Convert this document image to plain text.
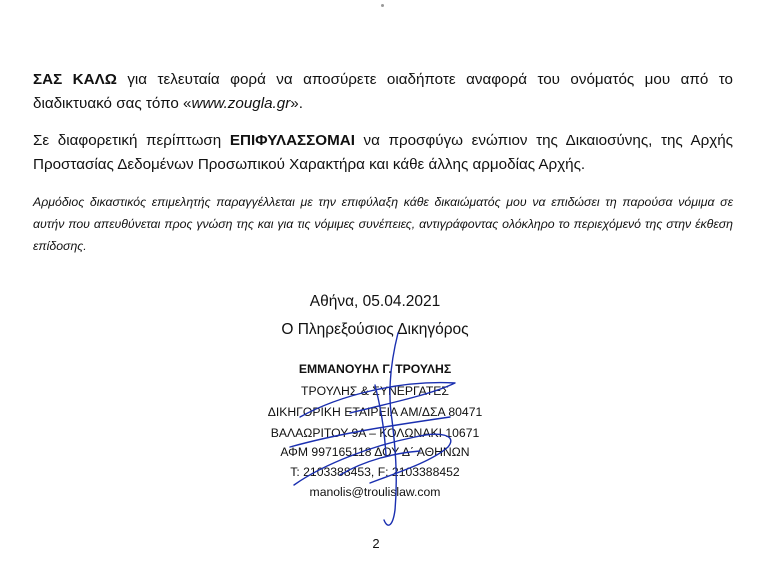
ΣΑΣ ΚΑΛΩ για τελευταία φορά να αποσύρετε οιαδήποτε αναφορά του ονόματός μου από το διαδικτυακό σας τόπο «www.zougla.gr».
Σε διαφορετική περίπτωση ΕΠΙΦΥΛΑΣΣΟΜΑΙ να προσφύγω ενώπιον της Δικαιοσύνης, της Αρχής Προστασίας Δεδομένων Προσωπικού Χαρακτήρα και κάθε άλλης αρμοδίας Αρχής.
Αρμόδιος δικαστικός επιμελητής παραγγέλλεται με την επιφύλαξη κάθε δικαιώματός μου να επιδώσει τη παρούσα νόμιμα σε αυτήν που απευθύνεται προς γνώση της και για τις νόμιμες συνέπειες, αντιγράφοντας ολόκληρο το περιεχόμενό της στην έκθεση επίδοσης.
Αθήνα, 05.04.2021
Ο Πληρεξούσιος Δικηγόρος
ΕΜΜΑΝΟΥΗΛ Γ. ΤΡΟΥΛΗΣ
ΤΡΟΥΛΗΣ & ΣΥΝΕΡΓΑΤΕΣ
ΔΙΚΗΓΟΡΙΚΗ ΕΤΑΙΡΕΙΑ ΑΜ/ΔΣΑ 80471
ΒΑΛΑΩΡΙΤΟΥ 9Α – ΚΟΛΩΝΑΚΙ 10671
ΑΦΜ 997165118 ΔΟΥ Δ΄ ΑΘΗΝΩΝ
T: 2103388453, F: 2103388452
manolis@troulislaw.com
2
